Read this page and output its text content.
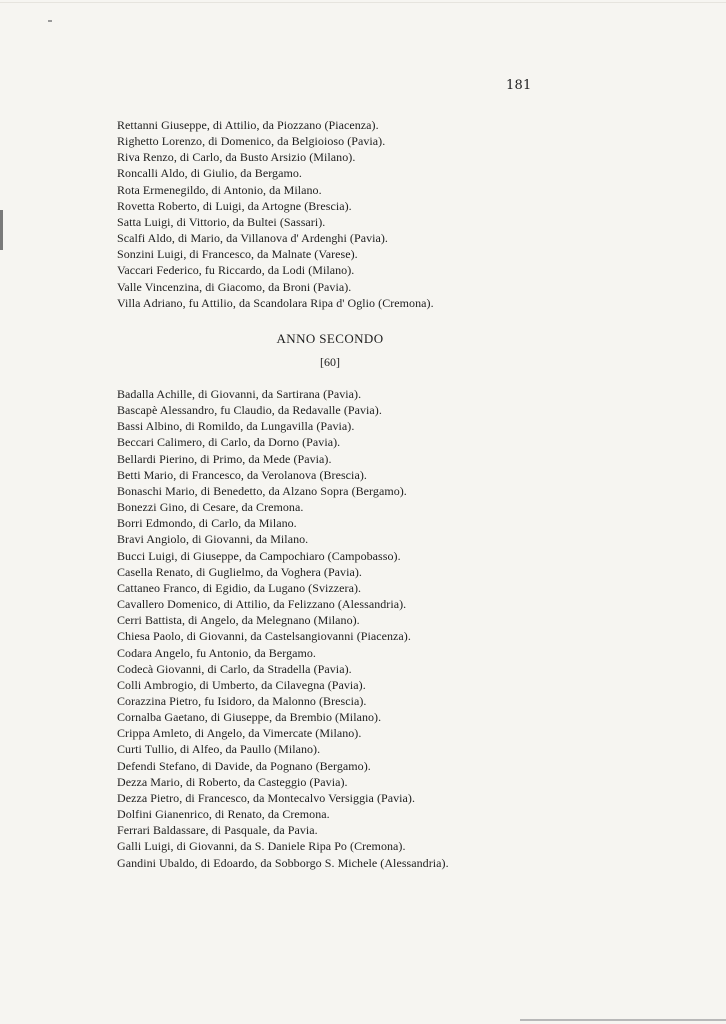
181
Rettanni Giuseppe, di Attilio, da Piozzano (Piacenza).
Righetto Lorenzo, di Domenico, da Belgioioso (Pavia).
Riva Renzo, di Carlo, da Busto Arsizio (Milano).
Roncalli Aldo, di Giulio, da Bergamo.
Rota Ermenegildo, di Antonio, da Milano.
Rovetta Roberto, di Luigi, da Artogne (Brescia).
Satta Luigi, di Vittorio, da Bultei (Sassari).
Scalfi Aldo, di Mario, da Villanova d' Ardenghi (Pavia).
Sonzini Luigi, di Francesco, da Malnate (Varese).
Vaccari Federico, fu Riccardo, da Lodi (Milano).
Valle Vincenzina, di Giacomo, da Broni (Pavia).
Villa Adriano, fu Attilio, da Scandolara Ripa d' Oglio (Cremona).
ANNO SECONDO
[60]
Badalla Achille, di Giovanni, da Sartirana (Pavia).
Bascapè Alessandro, fu Claudio, da Redavalle (Pavia).
Bassi Albino, di Romildo, da Lungavilla (Pavia).
Beccari Calimero, di Carlo, da Dorno (Pavia).
Bellardi Pierino, di Primo, da Mede (Pavia).
Betti Mario, di Francesco, da Verolanova (Brescia).
Bonaschi Mario, di Benedetto, da Alzano Sopra (Bergamo).
Bonezzi Gino, di Cesare, da Cremona.
Borri Edmondo, di Carlo, da Milano.
Bravi Angiolo, di Giovanni, da Milano.
Bucci Luigi, di Giuseppe, da Campochiaro (Campobasso).
Casella Renato, di Guglielmo, da Voghera (Pavia).
Cattaneo Franco, di Egidio, da Lugano (Svizzera).
Cavallero Domenico, di Attilio, da Felizzano (Alessandria).
Cerri Battista, di Angelo, da Melegnano (Milano).
Chiesa Paolo, di Giovanni, da Castelsangiovanni (Piacenza).
Codara Angelo, fu Antonio, da Bergamo.
Codecà Giovanni, di Carlo, da Stradella (Pavia).
Colli Ambrogio, di Umberto, da Cilavegna (Pavia).
Corazzina Pietro, fu Isidoro, da Malonno (Brescia).
Cornalba Gaetano, di Giuseppe, da Brembio (Milano).
Crippa Amleto, di Angelo, da Vimercate (Milano).
Curti Tullio, di Alfeo, da Paullo (Milano).
Defendi Stefano, di Davide, da Pognano (Bergamo).
Dezza Mario, di Roberto, da Casteggio (Pavia).
Dezza Pietro, di Francesco, da Montecalvo Versiggia (Pavia).
Dolfini Gianenrico, di Renato, da Cremona.
Ferrari Baldassare, di Pasquale, da Pavia.
Galli Luigi, di Giovanni, da S. Daniele Ripa Po (Cremona).
Gandini Ubaldo, di Edoardo, da Sobborgo S. Michele (Alessandria).
